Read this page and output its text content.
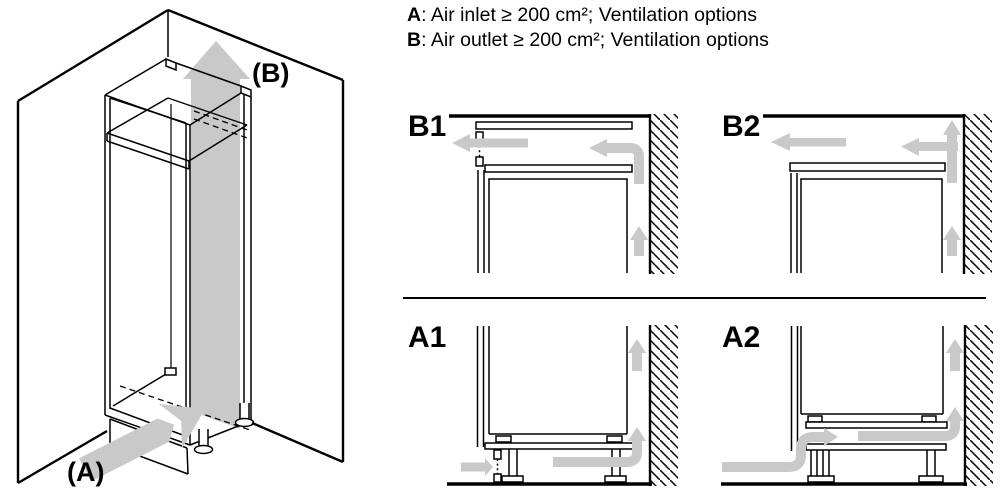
A: Air inlet ≥ 200 cm²; Ventilation options
B: Air outlet ≥ 200 cm²; Ventilation options
B1	B2
A1	A2
(B)
(A)
